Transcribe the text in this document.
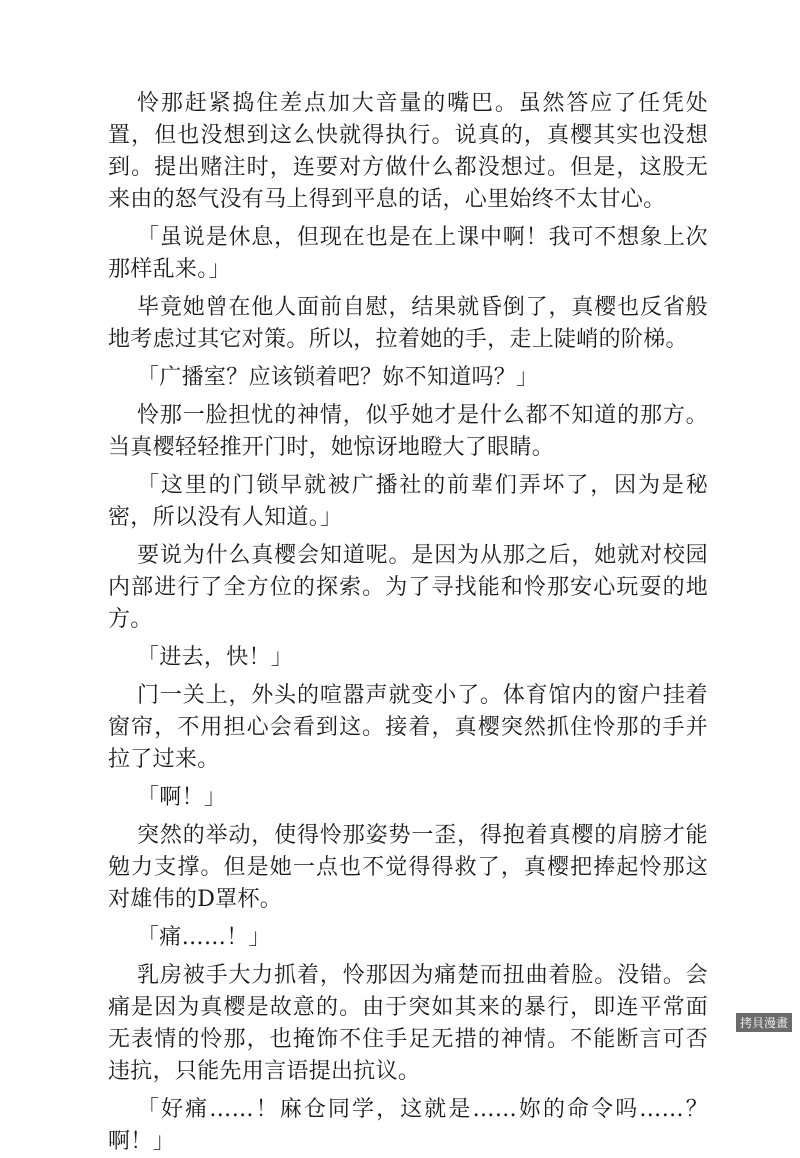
怜那赶紧捣住差点加大音量的嘴巴。虽然答应了任凭处置，但也没想到这么快就得执行。说真的，真樱其实也没想到。提出赌注时，连要对方做什么都没想过。但是，这股无来由的怒气没有马上得到平息的话，心里始终不太甘心。

「虽说是休息，但现在也是在上课中啊！我可不想象上次那样乱来。」

毕竟她曾在他人面前自慰，结果就昏倒了，真樱也反省般地考虑过其它对策。所以，拉着她的手，走上陡峭的阶梯。

「广播室？应该锁着吧？妳不知道吗？」

怜那一脸担忧的神情，似乎她才是什么都不知道的那方。当真樱轻轻推开门时，她惊讶地瞪大了眼睛。

「这里的门锁早就被广播社的前辈们弄坏了，因为是秘密，所以没有人知道。」

要说为什么真樱会知道呢。是因为从那之后，她就对校园内部进行了全方位的探索。为了寻找能和怜那安心玩耍的地方。

「进去，快！」

门一关上，外头的喧嚣声就变小了。体育馆内的窗户挂着窗帘，不用担心会看到这。接着，真樱突然抓住怜那的手并拉了过来。

「啊！」

突然的举动，使得怜那姿势一歪，得抱着真樱的肩膀才能勉力支撑。但是她一点也不觉得得救了，真樱把捧起怜那这对雄伟的D罩杯。

「痛……！」

乳房被手大力抓着，怜那因为痛楚而扭曲着脸。没错。会痛是因为真樱是故意的。由于突如其来的暴行，即连平常面无表情的怜那，也掩饰不住手足无措的神情。不能断言可否违抗，只能先用言语提出抗议。

「好痛……！麻仓同学，这就是……妳的命令吗……？啊！」

拷貝漫畫
